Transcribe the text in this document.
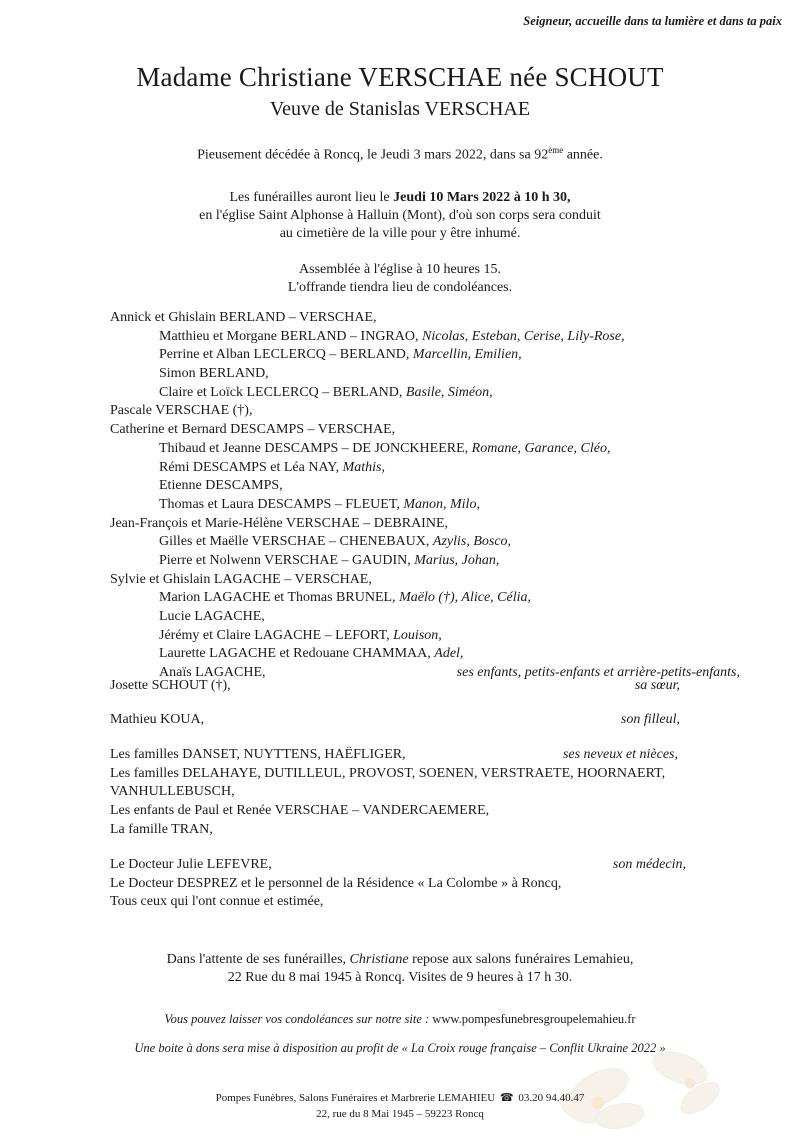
Seigneur, accueille dans ta lumière et dans ta paix
Madame Christiane VERSCHAE née SCHOUT
Veuve de Stanislas VERSCHAE
Pieusement décédée à Roncq, le Jeudi 3 mars 2022, dans sa 92ème année.
Les funérailles auront lieu le Jeudi 10 Mars 2022 à 10 h 30,
en l'église Saint Alphonse à Halluin (Mont), d'où son corps sera conduit
au cimetière de la ville pour y être inhumé.
Assemblée à l'église à 10 heures 15.
L'offrande tiendra lieu de condoléances.
Annick et Ghislain BERLAND – VERSCHAE,
Matthieu et Morgane BERLAND – INGRAO, Nicolas, Esteban, Cerise, Lily-Rose,
Perrine et Alban LECLERCQ – BERLAND, Marcellin, Emilien,
Simon BERLAND,
Claire et Loïck LECLERCQ – BERLAND, Basile, Siméon,
Pascale VERSCHAE (†),
Catherine et Bernard DESCAMPS – VERSCHAE,
Thibaud et Jeanne DESCAMPS – DE JONCKHEERE, Romane, Garance, Cléo,
Rémi DESCAMPS et Léa NAY, Mathis,
Etienne DESCAMPS,
Thomas et Laura DESCAMPS – FLEUET, Manon, Milo,
Jean-François et Marie-Hélène VERSCHAE – DEBRAINE,
Gilles et Maëlle VERSCHAE – CHENEBAUX, Azylis, Bosco,
Pierre et Nolwenn VERSCHAE – GAUDIN, Marius, Johan,
Sylvie et Ghislain LAGACHE – VERSCHAE,
Marion LAGACHE et Thomas BRUNEL, Maëlo (†), Alice, Célia,
Lucie LAGACHE,
Jérémy et Claire LAGACHE – LEFORT, Louison,
Laurette LAGACHE et Redouane CHAMMAA, Adel,
Anaïs LAGACHE,	ses enfants, petits-enfants et arrière-petits-enfants,
Josette SCHOUT (†),	sa sœur,
Mathieu KOUA,	son filleul,
Les familles DANSET, NUYTTENS, HAËFLIGER,	ses neveux et nièces,
Les familles DELAHAYE, DUTILLEUL, PROVOST, SOENEN, VERSTRAETE, HOORNAERT,
VANHULLEBUSCH,
Les enfants de Paul et Renée VERSCHAE – VANDERCAEMERE,
La famille TRAN,
Le Docteur Julie LEFEVRE,	son médecin,
Le Docteur DESPREZ et le personnel de la Résidence « La Colombe » à Roncq,
Tous ceux qui l'ont connue et estimée,
Dans l'attente de ses funérailles, Christiane repose aux salons funéraires Lemahieu,
22 Rue du 8 mai 1945 à Roncq. Visites de 9 heures à 17 h 30.
Vous pouvez laisser vos condoléances sur notre site : www.pompesfunebresgroupelemahieu.fr
Une boite à dons sera mise à disposition au profit de « La Croix rouge française – Conflit Ukraine 2022 »
Pompes Funèbres, Salons Funéraires et Marbrerie LEMAHIEU ☎ 03.20 94.40.47
22, rue du 8 Mai 1945 – 59223 Roncq
